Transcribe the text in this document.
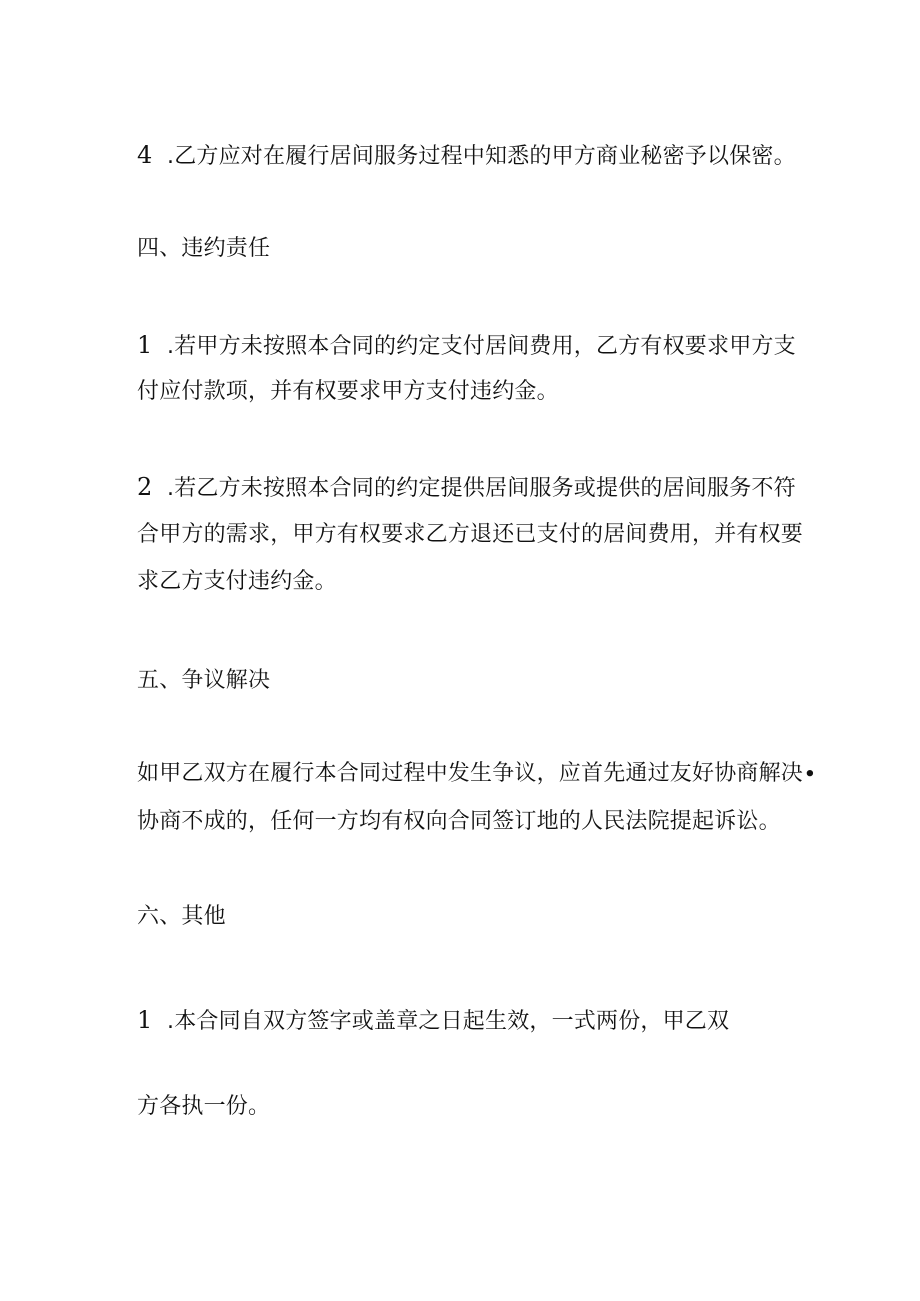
4 .乙方应对在履行居间服务过程中知悉的甲方商业秘密予以保密。
四、违约责任
1 .若甲方未按照本合同的约定支付居间费用，乙方有权要求甲方支
付应付款项，并有权要求甲方支付违约金。
2 .若乙方未按照本合同的约定提供居间服务或提供的居间服务不符
合甲方的需求，甲方有权要求乙方退还已支付的居间费用，并有权要
求乙方支付违约金。
五、争议解决
如甲乙双方在履行本合同过程中发生争议，应首先通过友好协商解决∙
协商不成的，任何一方均有权向合同签订地的人民法院提起诉讼。
六、其他
1 .本合同自双方签字或盖章之日起生效，一式两份，甲乙双
方各执一份。
